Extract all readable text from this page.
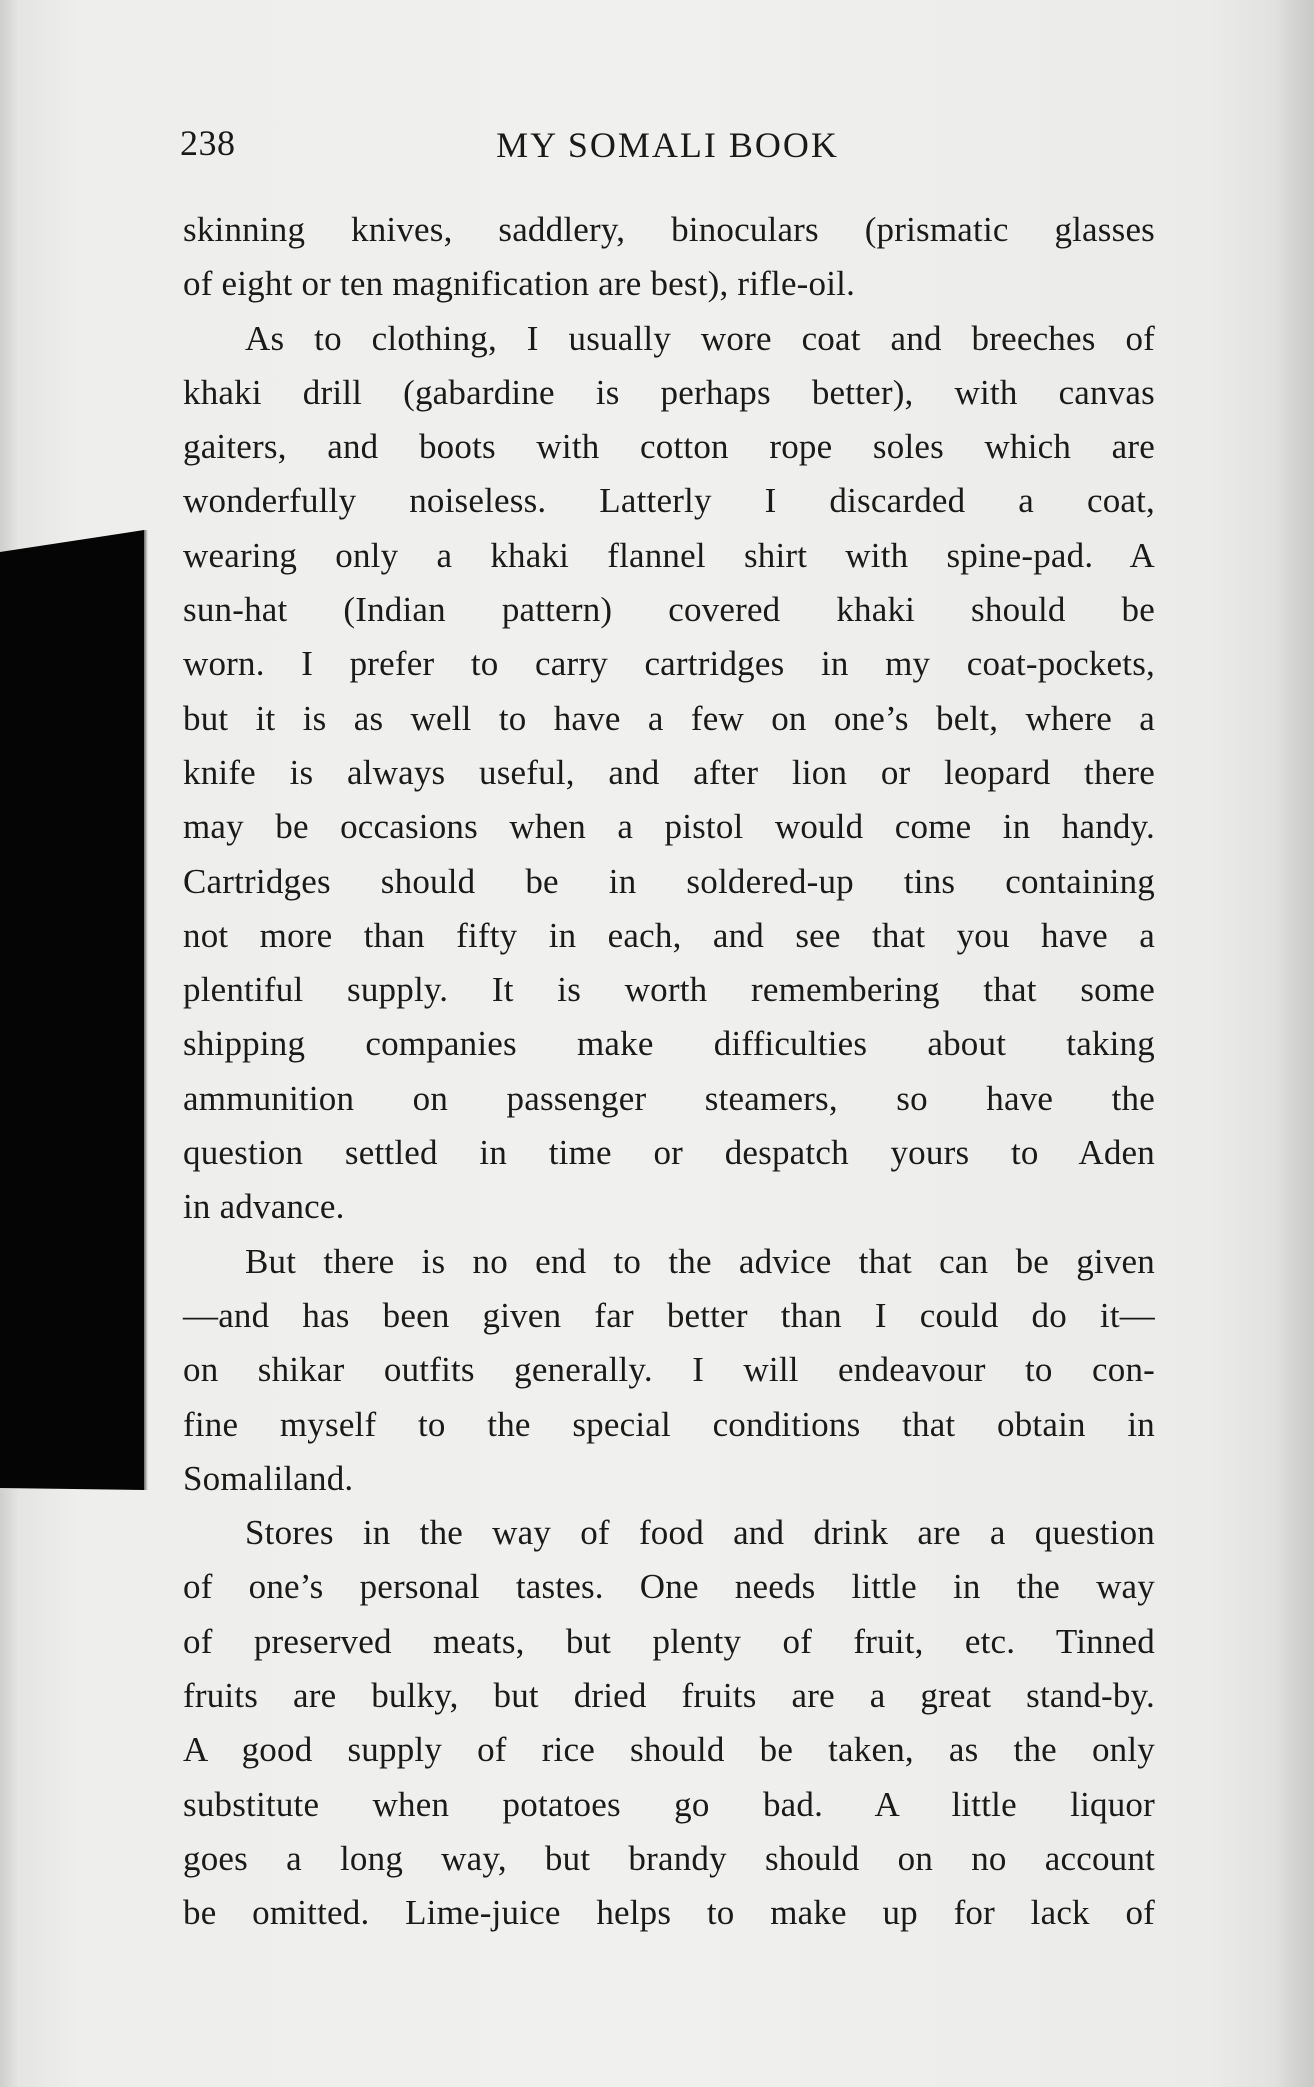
238	MY SOMALI BOOK
skinning knives, saddlery, binoculars (prismatic glasses
of eight or ten magnification are best), rifle-oil.
As to clothing, I usually wore coat and breeches of
khaki drill (gabardine is perhaps better), with canvas
gaiters, and boots with cotton rope soles which are
wonderfully noiseless. Latterly I discarded a coat,
wearing only a khaki flannel shirt with spine-pad. A
sun-hat (Indian pattern) covered khaki should be
worn. I prefer to carry cartridges in my coat-pockets,
but it is as well to have a few on one’s belt, where a
knife is always useful, and after lion or leopard there
may be occasions when a pistol would come in handy.
Cartridges should be in soldered-up tins containing
not more than fifty in each, and see that you have a
plentiful supply. It is worth remembering that some
shipping companies make difficulties about taking
ammunition on passenger steamers, so have the
question settled in time or despatch yours to Aden
in advance.
But there is no end to the advice that can be given
—and has been given far better than I could do it—
on shikar outfits generally. I will endeavour to con-
fine myself to the special conditions that obtain in
Somaliland.
Stores in the way of food and drink are a question
of one’s personal tastes. One needs little in the way
of preserved meats, but plenty of fruit, etc. Tinned
fruits are bulky, but dried fruits are a great stand-by.
A good supply of rice should be taken, as the only
substitute when potatoes go bad. A little liquor
goes a long way, but brandy should on no account
be omitted. Lime-juice helps to make up for lack of
